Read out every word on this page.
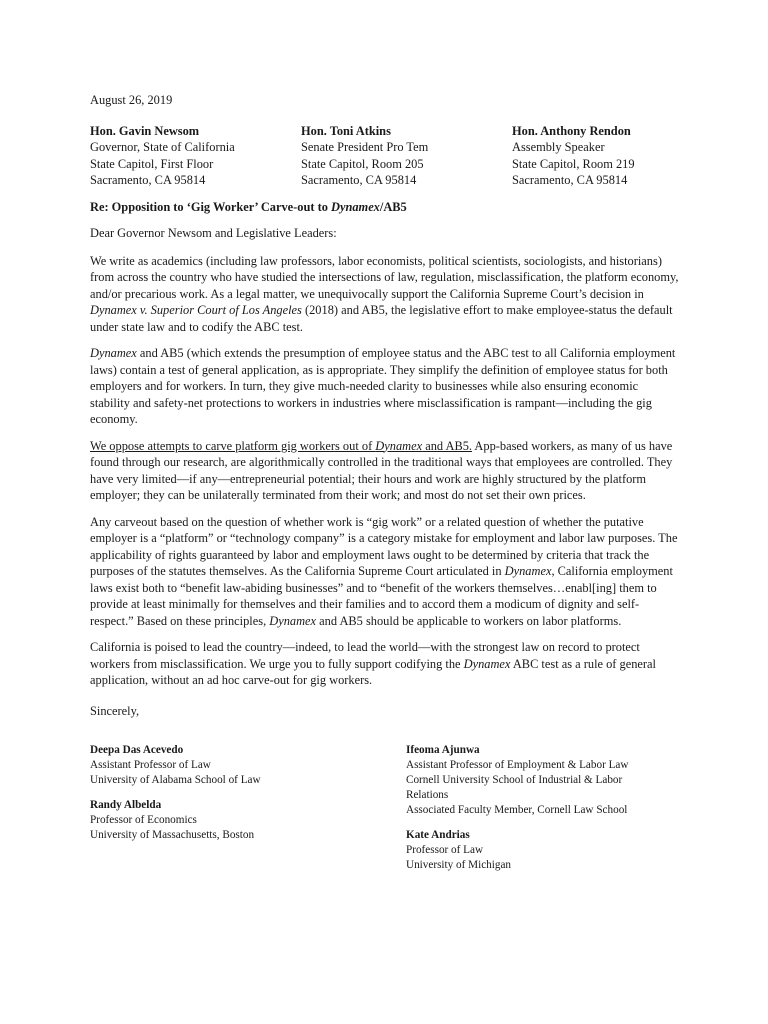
August 26, 2019
Hon. Gavin Newsom
Governor, State of California
State Capitol, First Floor
Sacramento, CA 95814
Hon. Toni Atkins
Senate President Pro Tem
State Capitol, Room 205
Sacramento, CA 95814
Hon. Anthony Rendon
Assembly Speaker
State Capitol, Room 219
Sacramento, CA 95814
Re: Opposition to ‘Gig Worker’ Carve-out to Dynamex/AB5
Dear Governor Newsom and Legislative Leaders:

We write as academics (including law professors, labor economists, political scientists, sociologists, and historians) from across the country who have studied the intersections of law, regulation, misclassification, the platform economy, and/or precarious work. As a legal matter, we unequivocally support the California Supreme Court’s decision in Dynamex v. Superior Court of Los Angeles (2018) and AB5, the legislative effort to make employee-status the default under state law and to codify the ABC test.

Dynamex and AB5 (which extends the presumption of employee status and the ABC test to all California employment laws) contain a test of general application, as is appropriate. They simplify the definition of employee status for both employers and for workers. In turn, they give much-needed clarity to businesses while also ensuring economic stability and safety-net protections to workers in industries where misclassification is rampant—including the gig economy.

We oppose attempts to carve platform gig workers out of Dynamex and AB5. App-based workers, as many of us have found through our research, are algorithmically controlled in the traditional ways that employees are controlled. They have very limited—if any—entrepreneurial potential; their hours and work are highly structured by the platform employer; they can be unilaterally terminated from their work; and most do not set their own prices.

Any carveout based on the question of whether work is “gig work” or a related question of whether the putative employer is a “platform” or “technology company” is a category mistake for employment and labor law purposes. The applicability of rights guaranteed by labor and employment laws ought to be determined by criteria that track the purposes of the statutes themselves. As the California Supreme Court articulated in Dynamex, California employment laws exist both to “benefit law-abiding businesses” and to “benefit of the workers themselves…enabl[ing] them to provide at least minimally for themselves and their families and to accord them a modicum of dignity and self-respect.” Based on these principles, Dynamex and AB5 should be applicable to workers on labor platforms.

California is poised to lead the country—indeed, to lead the world—with the strongest law on record to protect workers from misclassification. We urge you to fully support codifying the Dynamex ABC test as a rule of general application, without an ad hoc carve-out for gig workers.

Sincerely,
Deepa Das Acevedo
Assistant Professor of Law
University of Alabama School of Law
Randy Albelda
Professor of Economics
University of Massachusetts, Boston
Ifeoma Ajunwa
Assistant Professor of Employment & Labor Law
Cornell University School of Industrial & Labor
Relations
Associated Faculty Member, Cornell Law School
Kate Andrias
Professor of Law
University of Michigan
